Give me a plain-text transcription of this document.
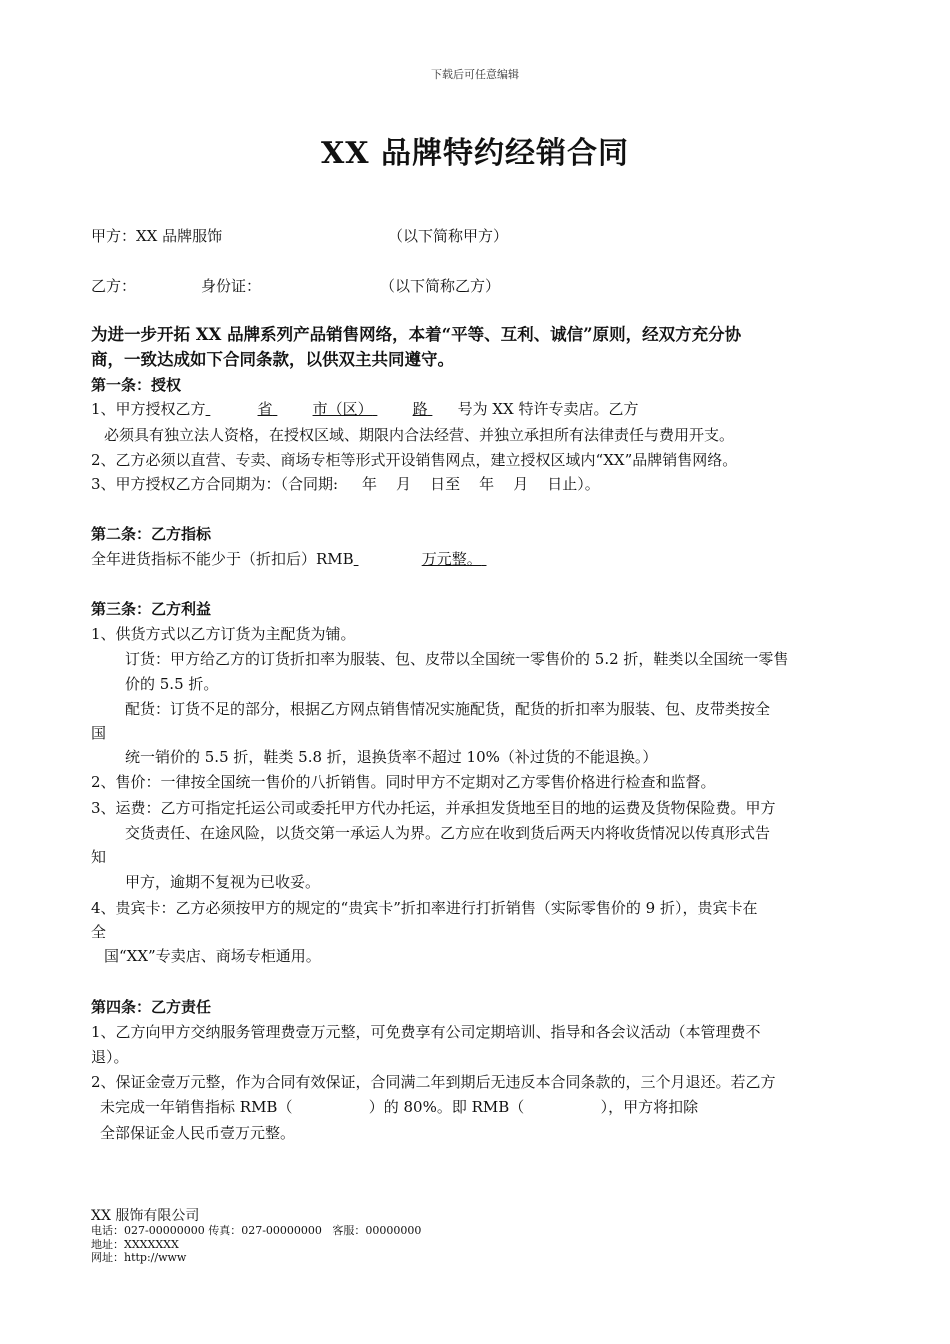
下载后可任意编辑
XX 品牌特约经销合同
甲方：XX 品牌服饰	（以下简称甲方）
乙方：	身份证：	（以下简称乙方）
为进一步开拓 XX 品牌系列产品销售网络，本着“平等、互利、诚信”原则，经双方充分协
商，一致达成如下合同条款，以供双主共同遵守。
第一条：授权
1、甲方授权乙方	省	市（区）	路 号为 XX 特许专卖店。乙方
必须具有独立法人资格，在授权区域、期限内合法经营、并独立承担所有法律责任与费用开支。
2、乙方必须以直营、专卖、商场专柜等形式开设销售网点，建立授权区域内“XX”品牌销售网络。
3、甲方授权乙方合同期为：（合同期:     年    月    日至    年    月    日止）。
第二条：乙方指标
全年进货指标不能少于（折扣后）RMB	万元整。
第三条：乙方利益
1、供货方式以乙方订货为主配货为铺。
订货：甲方给乙方的订货折扣率为服装、包、皮带以全国统一零售价的 5.2 折，鞋类以全国统一零售
价的 5.5 折。
配货：订货不足的部分，根据乙方网点销售情况实施配货，配货的折扣率为服装、包、皮带类按全
国
统一销价的 5.5 折，鞋类 5.8 折，退换货率不超过 10%（补过货的不能退换。）
2、售价：一律按全国统一售价的八折销售。同时甲方不定期对乙方零售价格进行检查和监督。
3、运费：乙方可指定托运公司或委托甲方代办托运，并承担发货地至目的地的运费及货物保险费。甲方
交货责任、在途风险，以货交第一承运人为界。乙方应在收到货后两天内将收货情况以传真形式告
知
甲方，逾期不复视为已收妥。
4、贵宾卡：乙方必须按甲方的规定的“贵宾卡”折扣率进行打折销售（实际零售价的 9 折），贵宾卡在
全
国“XX”专卖店、商场专柜通用。
第四条：乙方责任
1、乙方向甲方交纳服务管理费壹万元整，可免费享有公司定期培训、指导和各会议活动（本管理费不
退）。
2、保证金壹万元整，作为合同有效保证，合同满二年到期后无违反本合同条款的，三个月退还。若乙方
未完成一年销售指标 RMB（                ）的 80%。即 RMB（                ），甲方将扣除
全部保证金人民币壹万元整。
XX 服饰有限公司
电话：027-00000000 传真：027-00000000   客服：00000000
地址：XXXXXXX
网址：http://www
